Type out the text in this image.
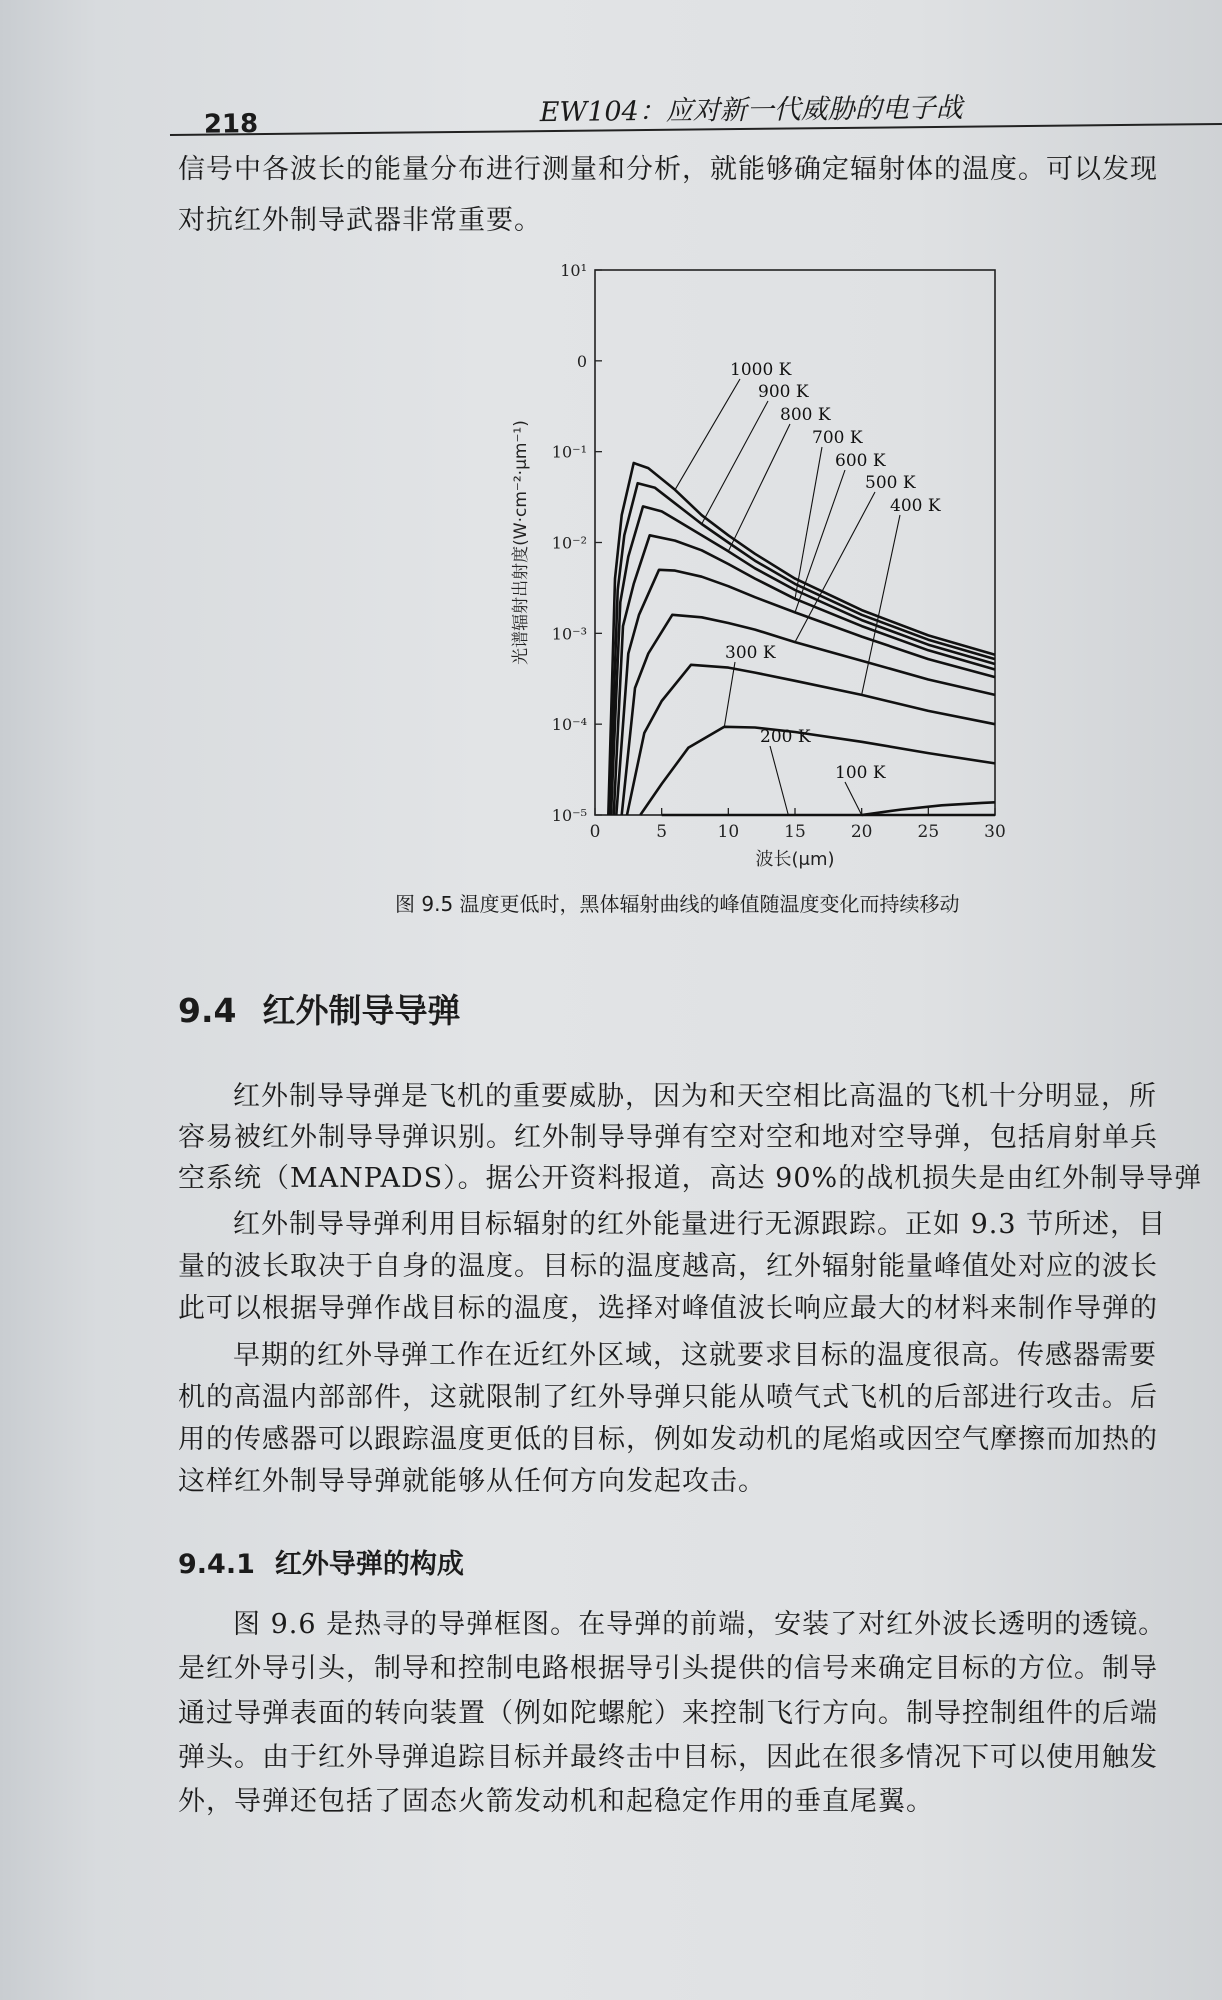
218	EW104：应对新一代威胁的电子战
信号中各波长的能量分布进行测量和分析，就能够确定辐射体的温度。可以发现
对抗红外制导武器非常重要。
0	5	10	15	20	25	30
10¹
0
10⁻¹
10⁻²
10⁻³
10⁻⁴
10⁻⁵
波长(μm)
光谱辐射出射度(W·cm⁻²·μm⁻¹)
1000 K
900 K
800 K
700 K
600 K
500 K
400 K
300 K
200 K
100 K
图 9.5 温度更低时，黑体辐射曲线的峰值随温度变化而持续移动
9.4 红外制导导弹
红外制导导弹是飞机的重要威胁，因为和天空相比高温的飞机十分明显，所
容易被红外制导导弹识别。红外制导导弹有空对空和地对空导弹，包括肩射单兵
空系统（MANPADS）。据公开资料报道，高达 90%的战机损失是由红外制导导弹
红外制导导弹利用目标辐射的红外能量进行无源跟踪。正如 9.3 节所述，目
量的波长取决于自身的温度。目标的温度越高，红外辐射能量峰值处对应的波长
此可以根据导弹作战目标的温度，选择对峰值波长响应最大的材料来制作导弹的
早期的红外导弹工作在近红外区域，这就要求目标的温度很高。传感器需要
机的高温内部部件，这就限制了红外导弹只能从喷气式飞机的后部进行攻击。后
用的传感器可以跟踪温度更低的目标，例如发动机的尾焰或因空气摩擦而加热的
这样红外制导导弹就能够从任何方向发起攻击。
9.4.1 红外导弹的构成
图 9.6 是热寻的导弹框图。在导弹的前端，安装了对红外波长透明的透镜。
是红外导引头，制导和控制电路根据导引头提供的信号来确定目标的方位。制导
通过导弹表面的转向装置（例如陀螺舵）来控制飞行方向。制导控制组件的后端
弹头。由于红外导弹追踪目标并最终击中目标，因此在很多情况下可以使用触发
外，导弹还包括了固态火箭发动机和起稳定作用的垂直尾翼。
